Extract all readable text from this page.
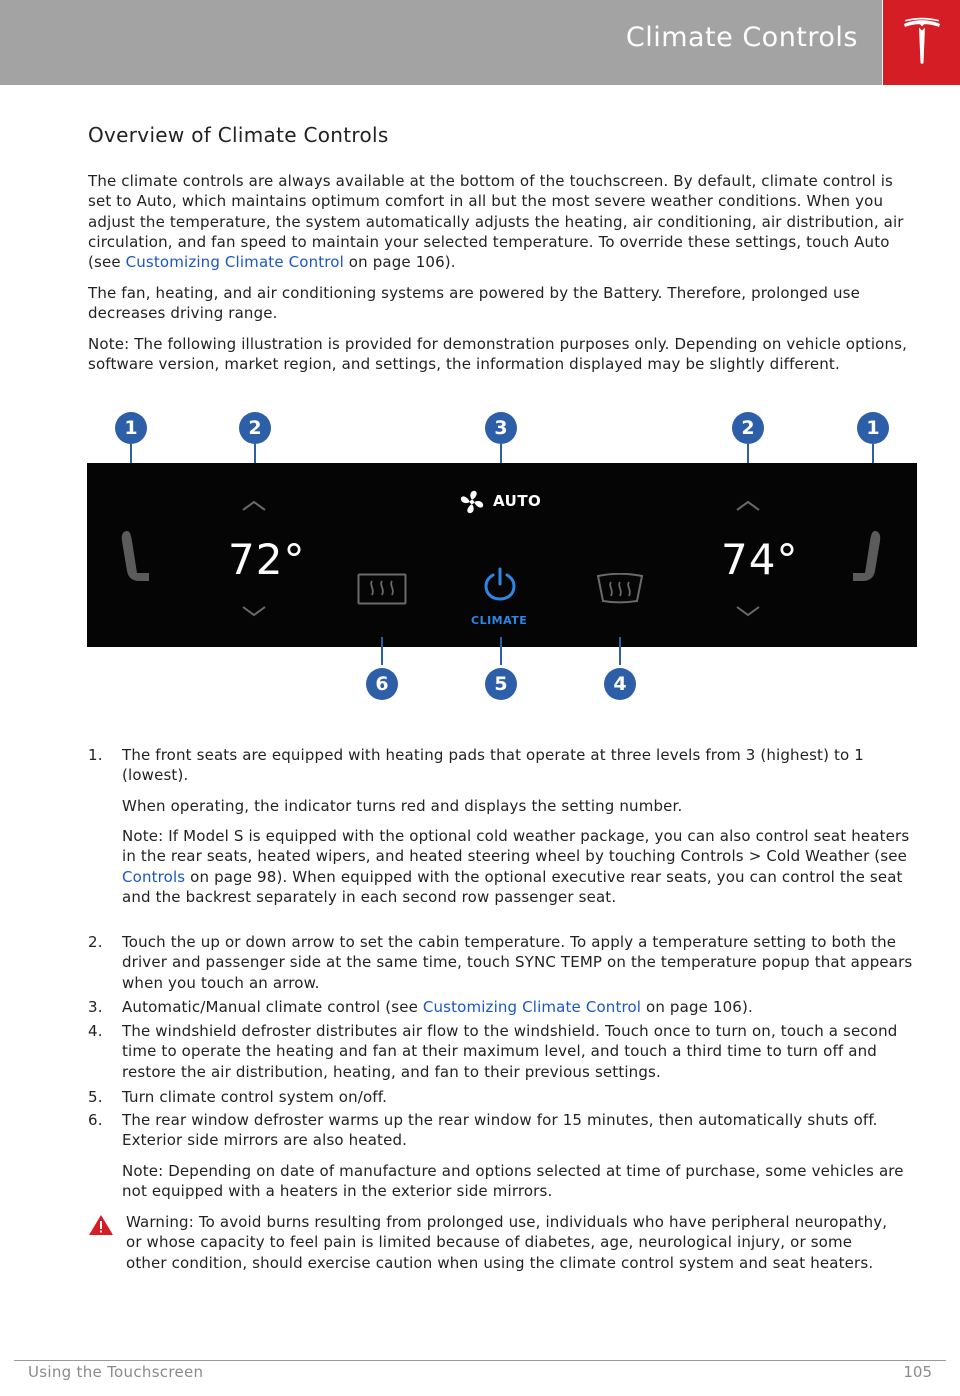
Climate Controls
Overview of Climate Controls

The climate controls are always available at the bottom of the touchscreen. By default, climate control is set to Auto, which maintains optimum comfort in all but the most severe weather conditions. When you adjust the temperature, the system automatically adjusts the heating, air conditioning, air distribution, air circulation, and fan speed to maintain your selected temperature. To override these settings, touch Auto (see Customizing Climate Control on page 106).

The fan, heating, and air conditioning systems are powered by the Battery. Therefore, prolonged use decreases driving range.

Note: The following illustration is provided for demonstration purposes only. Depending on vehicle options, software version, market region, and settings, the information displayed may be slightly different.

1	2	3	2	1
72°
AUTO
CLIMATE
74°
6	5	4
1. The front seats are equipped with heating pads that operate at three levels from 3 (highest) to 1 (lowest).

When operating, the indicator turns red and displays the setting number.

Note: If Model S is equipped with the optional cold weather package, you can also control seat heaters in the rear seats, heated wipers, and heated steering wheel by touching Controls > Cold Weather (see Controls on page 98). When equipped with the optional executive rear seats, you can control the seat and the backrest separately in each second row passenger seat.

2. Touch the up or down arrow to set the cabin temperature. To apply a temperature setting to both the driver and passenger side at the same time, touch SYNC TEMP on the temperature popup that appears when you touch an arrow.
3. Automatic/Manual climate control (see Customizing Climate Control on page 106).
4. The windshield defroster distributes air flow to the windshield. Touch once to turn on, touch a second time to operate the heating and fan at their maximum level, and touch a third time to turn off and restore the air distribution, heating, and fan to their previous settings.
5. Turn climate control system on/off.
6. The rear window defroster warms up the rear window for 15 minutes, then automatically shuts off. Exterior side mirrors are also heated.

Note: Depending on date of manufacture and options selected at time of purchase, some vehicles are not equipped with a heaters in the exterior side mirrors.

Warning: To avoid burns resulting from prolonged use, individuals who have peripheral neuropathy, or whose capacity to feel pain is limited because of diabetes, age, neurological injury, or some other condition, should exercise caution when using the climate control system and seat heaters.
Using the Touchscreen	105
